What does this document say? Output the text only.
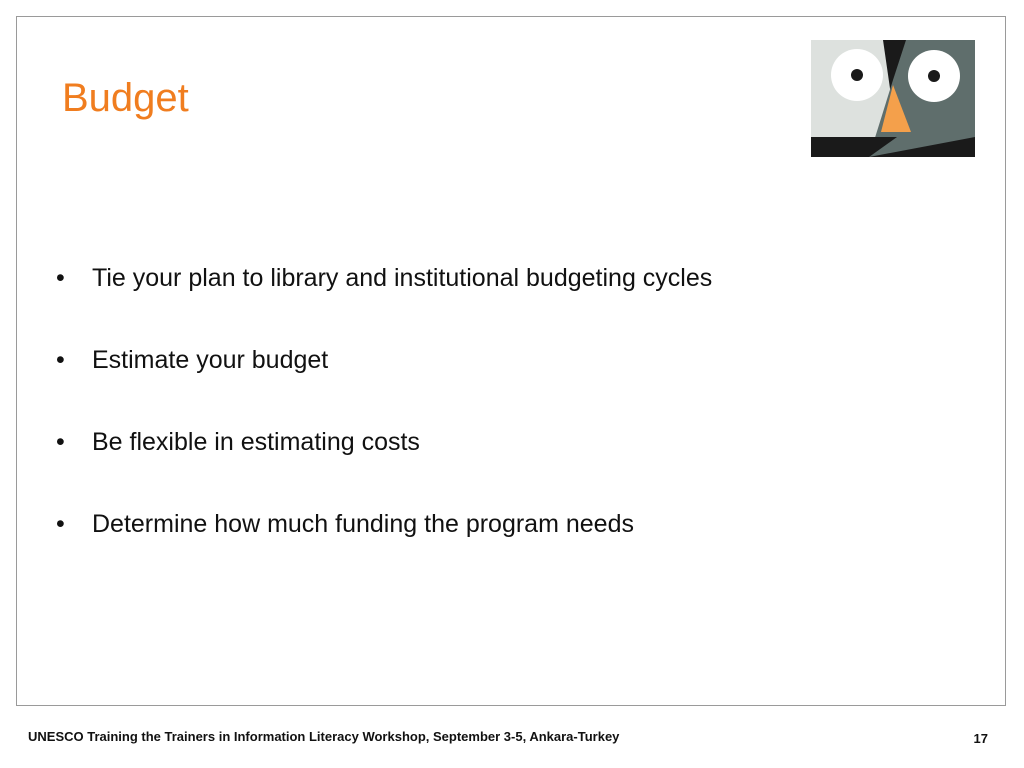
Budget
•	Tie your plan to library and institutional budgeting cycles
•	Estimate your budget
•	Be flexible in estimating costs
•	Determine how much funding the program needs
UNESCO Training the Trainers in Information Literacy Workshop, September 3-5, Ankara-Turkey	17
